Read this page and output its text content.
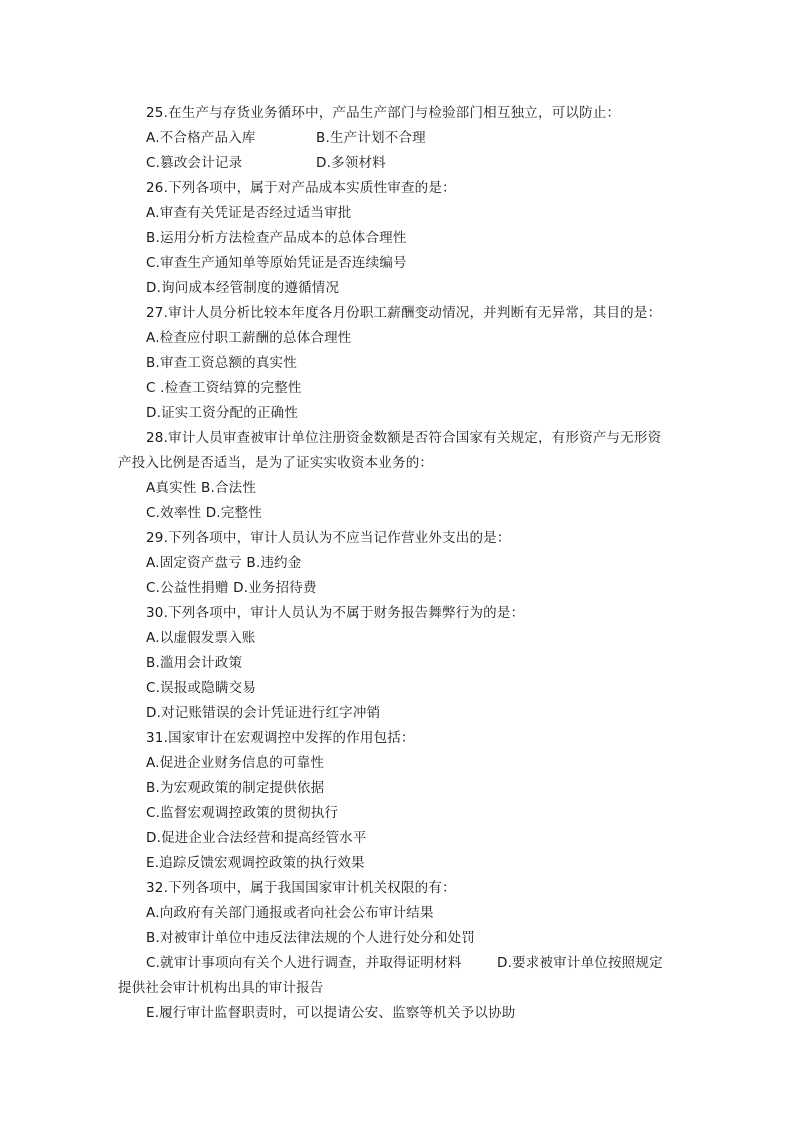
25.在生产与存货业务循环中，产品生产部门与检验部门相互独立，可以防止：
A.不合格产品入库	B.生产计划不合理
C.篡改会计记录	D.多领材料
26.下列各项中，属于对产品成本实质性审查的是：
A.审查有关凭证是否经过适当审批
B.运用分析方法检查产品成本的总体合理性
C.审查生产通知单等原始凭证是否连续编号
D.询问成本经管制度的遵循情况
27.审计人员分析比较本年度各月份职工薪酬变动情况，并判断有无异常，其目的是：
A.检查应付职工薪酬的总体合理性
B.审查工资总额的真实性
C .检查工资结算的完整性
D.证实工资分配的正确性
28.审计人员审查被审计单位注册资金数额是否符合国家有关规定，有形资产与无形资
产投入比例是否适当，是为了证实实收资本业务的：
A真实性 B.合法性
C.效率性 D.完整性
29.下列各项中，审计人员认为不应当记作营业外支出的是：
A.固定资产盘亏 B.违约金
C.公益性捐赠 D.业务招待费
30.下列各项中，审计人员认为不属于财务报告舞弊行为的是：
A.以虚假发票入账
B.滥用会计政策
C.误报或隐瞒交易
D.对记账错误的会计凭证进行红字冲销
31.国家审计在宏观调控中发挥的作用包括：
A.促进企业财务信息的可靠性
B.为宏观政策的制定提供依据
C.监督宏观调控政策的贯彻执行
D.促进企业合法经营和提高经管水平
E.追踪反馈宏观调控政策的执行效果
32.下列各项中，属于我国国家审计机关权限的有：
A.向政府有关部门通报或者向社会公布审计结果
B.对被审计单位中违反法律法规的个人进行处分和处罚
C.就审计事项向有关个人进行调查，并取得证明材料	D.要求被审计单位按照规定
提供社会审计机构出具的审计报告
E.履行审计监督职责时，可以提请公安、监察等机关予以协助
